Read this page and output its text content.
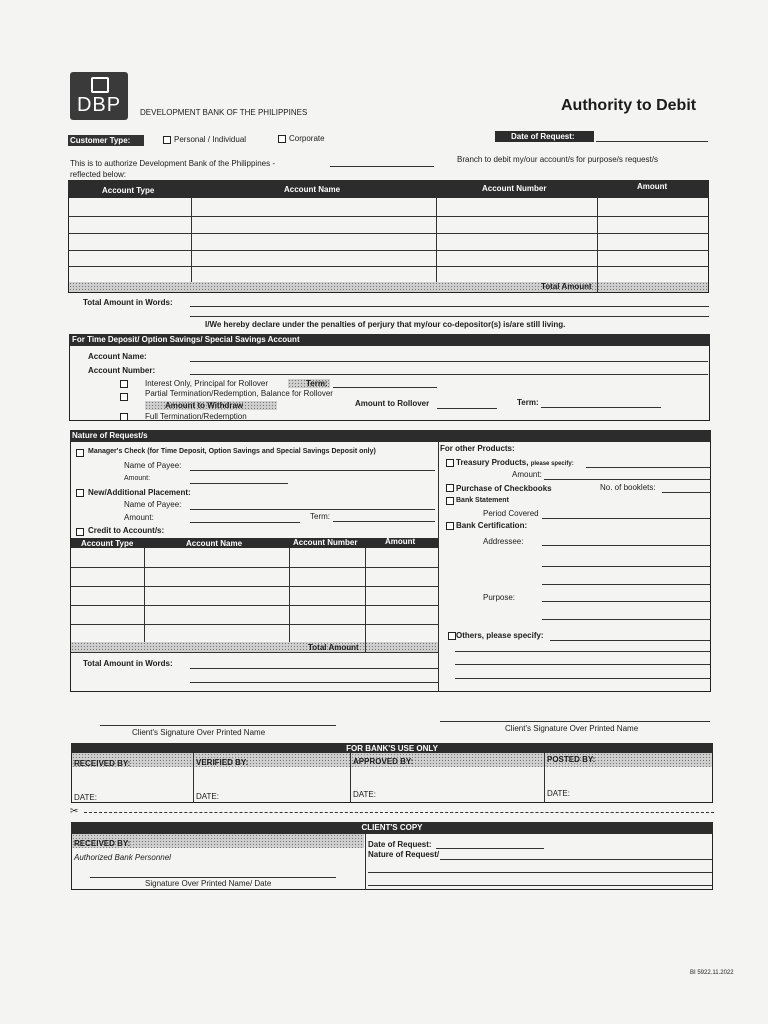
DBP	DEVELOPMENT BANK OF THE PHILIPPINES	Authority to Debit
Customer Type:	Personal / Individual	Corporate	Date of Request:
This is to authorize Development Bank of the Philippines -
reflected below:
Branch to debit my/our account/s for purpose/s request/s
Account Type	Account Name	Account Number	Amount
Total Amount
Total Amount in Words:
I/We hereby declare under the penalties of perjury that my/our co-depositor(s) is/are still living.
For Time Deposit/ Option Savings/ Special Savings Account
Account Name:
Account Number:
Interest Only, Principal for Rollover	Term:
Partial Termination/Redemption, Balance for Rollover
Amount to Withdraw	Amount to Rollover	Term:
Full Termination/Redemption
Nature of Request/s
Manager's Check (for Time Deposit, Option Savings and Special Savings Deposit only)
Name of Payee:
Amount:
New/Additional Placement:
Name of Payee:
Amount:	Term:
Credit to Account/s:
Account Type	Account Name	Account Number	Amount
Total Amount
Total Amount in Words:
For other Products:
Treasury Products, please specify:
Amount:
Purchase of Checkbooks	No. of booklets:
Bank Statement
Period Covered
Bank Certification:
Addressee:
Purpose:
Others, please specify:
Client's Signature Over Printed Name	Client's Signature Over Printed Name
FOR BANK'S USE ONLY
RECEIVED BY:	VERIFIED BY:	APPROVED BY:	POSTED BY:
DATE:	DATE:	DATE:	DATE:
✂
CLIENT'S COPY
RECEIVED BY:
Authorized Bank Personnel
Signature Over Printed Name/ Date
Date of Request:
Nature of Request/
BI 5922.11.2022
